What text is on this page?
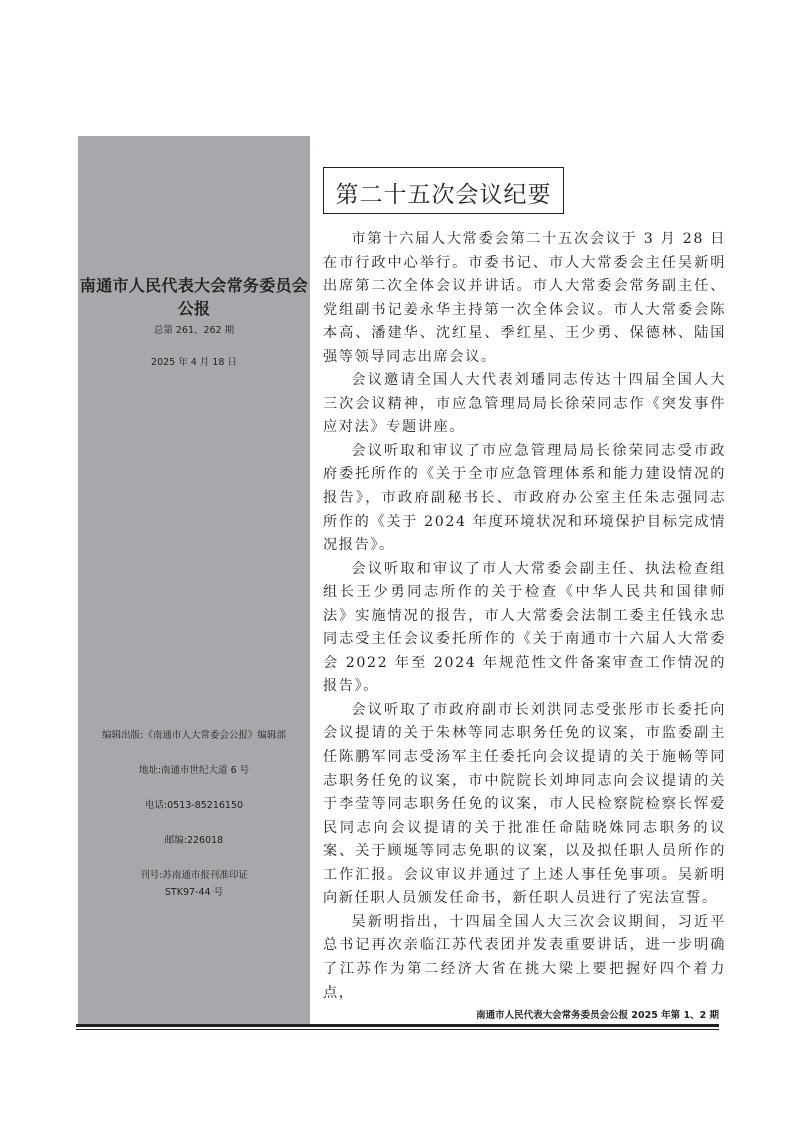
南通市人民代表大会常务委员会公报
总第 261、262 期
2025 年 4 月 18 日
编辑出版:《南通市人大常委会公报》编辑部
地址:南通市世纪大道 6 号
电话:0513-85216150
邮编:226018
刊号:苏南通市报刊准印证
STK97-44 号
第二十五次会议纪要

市第十六届人大常委会第二十五次会议于 3 月 28 日在市行政中心举行。市委书记、市人大常委会主任吴新明出席第二次全体会议并讲话。市人大常委会常务副主任、党组副书记姜永华主持第一次全体会议。市人大常委会陈本高、潘建华、沈红星、季红星、王少勇、保德林、陆国强等领导同志出席会议。

会议邀请全国人大代表刘璠同志传达十四届全国人大三次会议精神，市应急管理局局长徐荣同志作《突发事件应对法》专题讲座。

会议听取和审议了市应急管理局局长徐荣同志受市政府委托所作的《关于全市应急管理体系和能力建设情况的报告》，市政府副秘书长、市政府办公室主任朱志强同志所作的《关于 2024 年度环境状况和环境保护目标完成情况报告》。

会议听取和审议了市人大常委会副主任、执法检查组组长王少勇同志所作的关于检查《中华人民共和国律师法》实施情况的报告，市人大常委会法制工委主任钱永忠同志受主任会议委托所作的《关于南通市十六届人大常委会 2022 年至 2024 年规范性文件备案审查工作情况的报告》。

会议听取了市政府副市长刘洪同志受张彤市长委托向会议提请的关于朱林等同志职务任免的议案，市监委副主任陈鹏军同志受汤军主任委托向会议提请的关于施畅等同志职务任免的议案，市中院院长刘坤同志向会议提请的关于李莹等同志职务任免的议案，市人民检察院检察长恽爱民同志向会议提请的关于批准任命陆晓姝同志职务的议案、关于顾埏等同志免职的议案，以及拟任职人员所作的工作汇报。会议审议并通过了上述人事任免事项。吴新明向新任职人员颁发任命书，新任职人员进行了宪法宣誓。

吴新明指出，十四届全国人大三次会议期间，习近平总书记再次亲临江苏代表团并发表重要讲话，进一步明确了江苏作为第二经济大省在挑大梁上要把握好四个着力点，

南通市人民代表大会常务委员会公报 2025 年第 1、2 期
